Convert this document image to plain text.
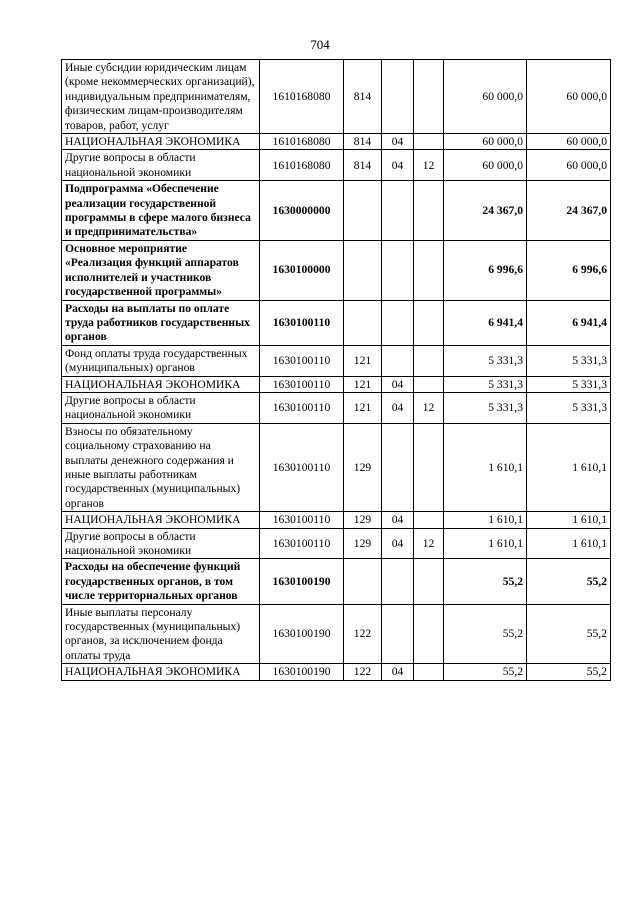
704
Иные субсидии юридическим лицам (кроме некоммерческих организаций), индивидуальным предпринимателям, физическим лицам-производителям товаров, работ, услуг	1610168080	814			60 000,0	60 000,0
НАЦИОНАЛЬНАЯ ЭКОНОМИКА	1610168080	814	04		60 000,0	60 000,0
Другие вопросы в области национальной экономики	1610168080	814	04	12	60 000,0	60 000,0
Подпрограмма «Обеспечение реализации государственной программы в сфере малого бизнеса и предпринимательства»	1630000000				24 367,0	24 367,0
Основное мероприятие «Реализация функций аппаратов исполнителей и участников государственной программы»	1630100000				6 996,6	6 996,6
Расходы на выплаты по оплате труда работников государственных органов	1630100110				6 941,4	6 941,4
Фонд оплаты труда государственных (муниципальных) органов	1630100110	121			5 331,3	5 331,3
НАЦИОНАЛЬНАЯ ЭКОНОМИКА	1630100110	121	04		5 331,3	5 331,3
Другие вопросы в области национальной экономики	1630100110	121	04	12	5 331,3	5 331,3
Взносы по обязательному социальному страхованию на выплаты денежного содержания и иные выплаты работникам государственных (муниципальных) органов	1630100110	129			1 610,1	1 610,1
НАЦИОНАЛЬНАЯ ЭКОНОМИКА	1630100110	129	04		1 610,1	1 610,1
Другие вопросы в области национальной экономики	1630100110	129	04	12	1 610,1	1 610,1
Расходы на обеспечение функций государственных органов, в том числе территориальных органов	1630100190				55,2	55,2
Иные выплаты персоналу государственных (муниципальных) органов, за исключением фонда оплаты труда	1630100190	122			55,2	55,2
НАЦИОНАЛЬНАЯ ЭКОНОМИКА	1630100190	122	04		55,2	55,2
